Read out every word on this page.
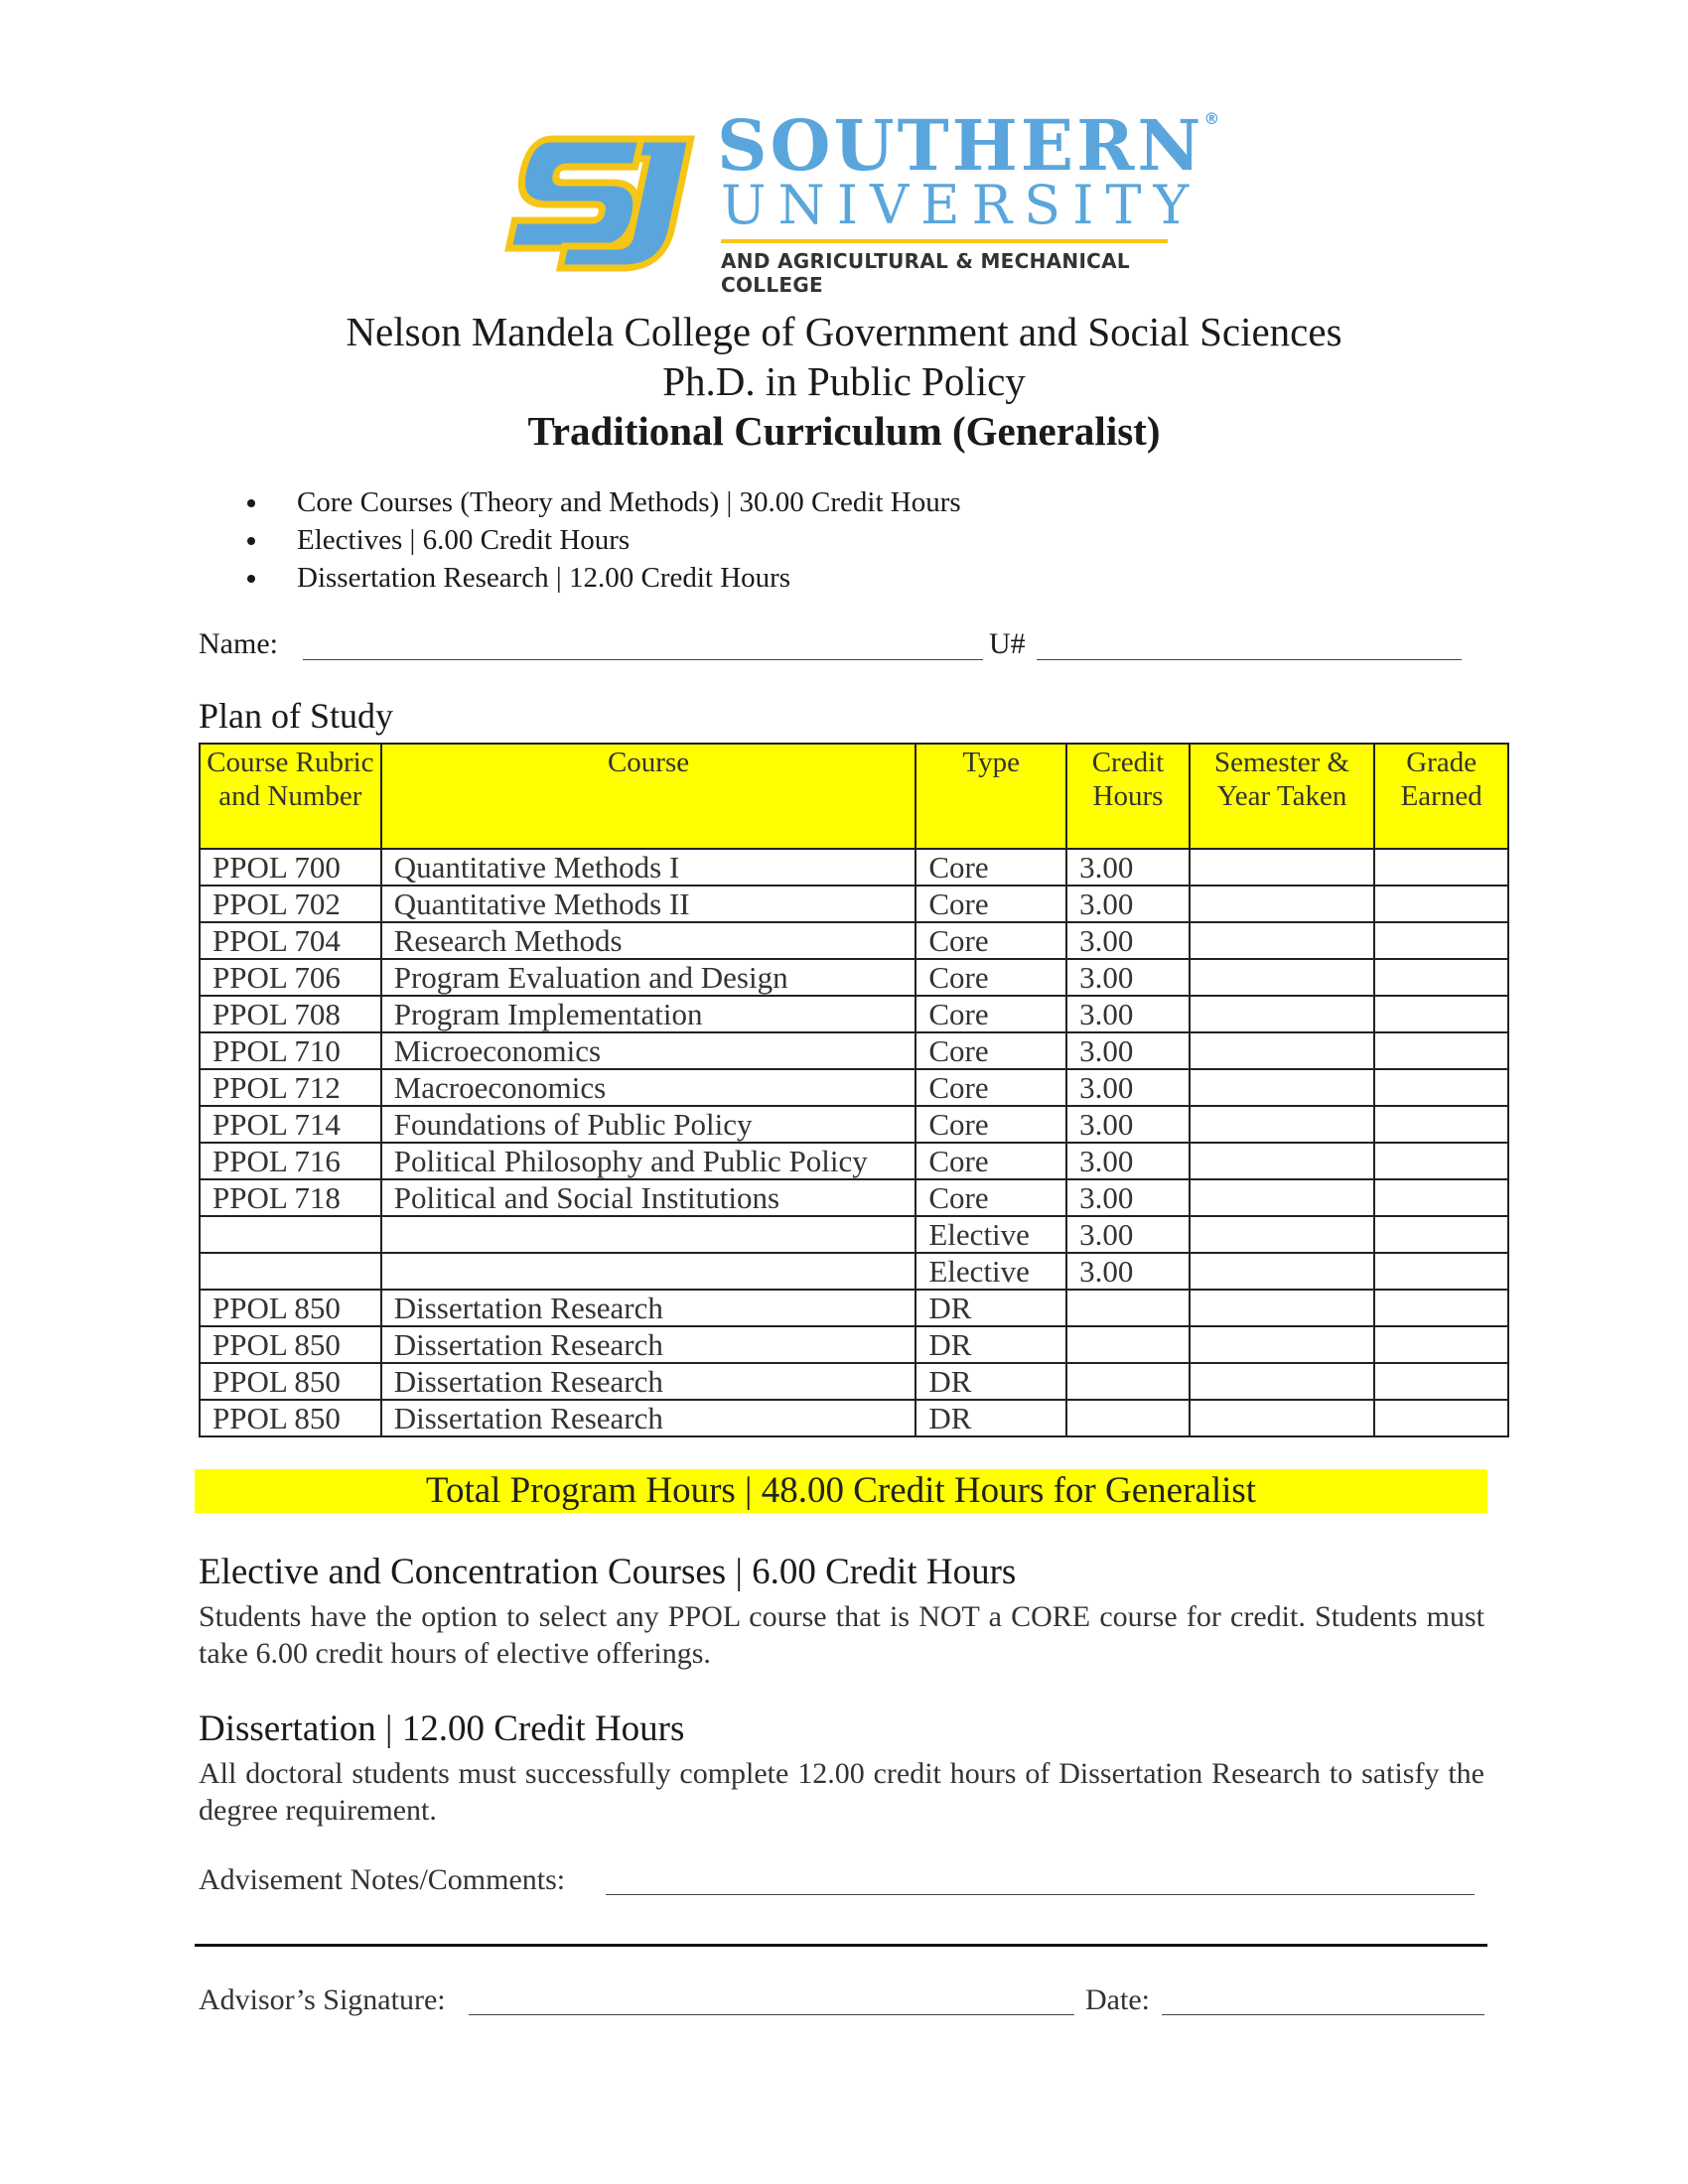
SOUTHERN®
UNIVERSITY
AND AGRICULTURAL & MECHANICAL COLLEGE
Nelson Mandela College of Government and Social Sciences
Ph.D. in Public Policy
Traditional Curriculum (Generalist)
Core Courses (Theory and Methods) | 30.00 Credit Hours
Electives | 6.00 Credit Hours
Dissertation Research | 12.00 Credit Hours
Name:	U#
Plan of Study
Course Rubric and Number	Course	Type	Credit Hours	Semester & Year Taken	Grade Earned
PPOL 700	Quantitative Methods I	Core	3.00		
PPOL 702	Quantitative Methods II	Core	3.00		
PPOL 704	Research Methods	Core	3.00		
PPOL 706	Program Evaluation and Design	Core	3.00		
PPOL 708	Program Implementation	Core	3.00		
PPOL 710	Microeconomics	Core	3.00		
PPOL 712	Macroeconomics	Core	3.00		
PPOL 714	Foundations of Public Policy	Core	3.00		
PPOL 716	Political Philosophy and Public Policy	Core	3.00		
PPOL 718	Political and Social Institutions	Core	3.00		
		Elective	3.00		
		Elective	3.00		
PPOL 850	Dissertation Research	DR			
PPOL 850	Dissertation Research	DR			
PPOL 850	Dissertation Research	DR			
PPOL 850	Dissertation Research	DR			
Total Program Hours | 48.00 Credit Hours for Generalist
Elective and Concentration Courses | 6.00 Credit Hours
Students have the option to select any PPOL course that is NOT a CORE course for credit. Students must take 6.00 credit hours of elective offerings.
Dissertation | 12.00 Credit Hours
All doctoral students must successfully complete 12.00 credit hours of Dissertation Research to satisfy the degree requirement.
Advisement Notes/Comments:
Advisor’s Signature:	Date:
